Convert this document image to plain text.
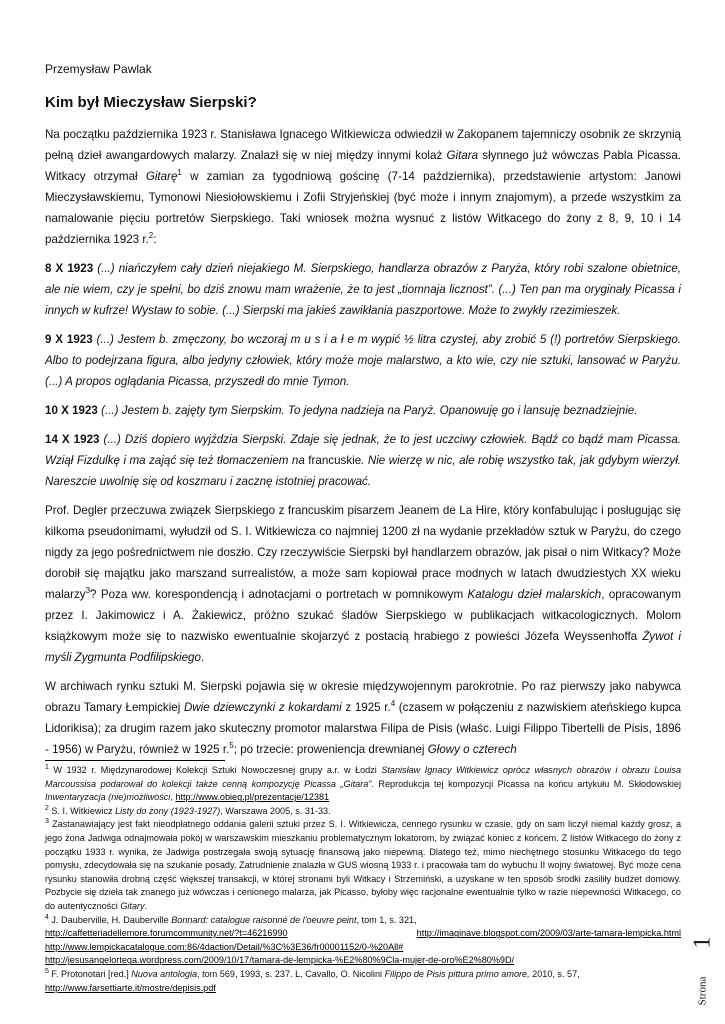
Przemysław Pawlak
Kim był Mieczysław Sierpski?

Na początku października 1923 r. Stanisława Ignacego Witkiewicza odwiedził w Zakopanem tajemniczy osobnik ze skrzynią pełną dzieł awangardowych malarzy. Znalazł się w niej między innymi kolaż Gitara słynnego już wówczas Pabla Picassa. Witkacy otrzymał Gitarę$^1$ w zamian za tygodniową gościnę (7-14 października), przedstawienie artystom: Janowi Mieczysławskiemu, Tymonowi Niesiołowskiemu i Zofii Stryjeńskiej (być może i innym znajomym), a przede wszystkim za namalowanie pięciu portretów Sierpskiego. Taki wniosek można wysnuć z listów Witkacego do żony z 8, 9, 10 i 14 października 1923 r.$^2$:

8 X 1923 (...) niańczyłem cały dzień niejakiego M. Sierpskiego, handlarza obrazów z Paryża, który robi szalone obietnice, ale nie wiem, czy je spełni, bo dziś znowu mam wrażenie, że to jest „tiomnaja licznost”. (...) Ten pan ma oryginały Picassa i innych w kufrze! Wystaw to sobie. (...) Sierpski ma jakieś zawikłania paszportowe. Może to zwykły rzezimieszek.

9 X 1923 (...) Jestem b. zmęczony, bo wczoraj m u s i a ł e m wypić ½ litra czystej, aby zrobić 5 (!) portretów Sierpskiego. Albo to podejrzana figura, albo jedyny człowiek, który może moje malarstwo, a kto wie, czy nie sztuki, lansować w Paryżu. (...) A propos oglądania Picassa, przyszedł do mnie Tymon.

10 X 1923 (...) Jestem b. zajęty tym Sierpskim. To jedyna nadzieja na Paryż. Opanowuję go i lansuję beznadziejnie.

14 X 1923 (...) Dziś dopiero wyjździa Sierpski. Zdaje się jednak, że to jest uczciwy człowiek. Bądź co bądź mam Picassa. Wziął Fizdulkę i ma zająć się też tłomaczeniem na francuskie. Nie wierzę w nic, ale robię wszystko tak, jak gdybym wierzył. Nareszcie uwolnię się od koszmaru i zacznę istotniej pracować.

Prof. Degler przeczuwa związek Sierpskiego z francuskim pisarzem Jeanem de La Hire, który konfabulując i posługując się kilkoma pseudonimami, wyłudził od S. I. Witkiewicza co najmniej 1200 zł na wydanie przekładów sztuk w Paryżu, do czego nigdy za jego pośrednictwem nie doszło. Czy rzeczywiście Sierpski był handlarzem obrazów, jak pisał o nim Witkacy? Może dorobił się majątku jako marszand surrealistów, a może sam kopiował prace modnych w latach dwudziestych XX wieku malarzy$^3$? Poza ww. korespondencją i adnotacjami o portretach w pomnikowym Katalogu dzieł malarskich, opracowanym przez I. Jakimowicz i A. Żakiewicz, próżno szukać śladów Sierpskiego w publikacjach witkacologicznych. Molom książkowym może się to nazwisko ewentualnie skojarzyć z postacią hrabiego z powieści Józefa Weyssenhoffa Żywot i myśli Zygmunta Podfilipskiego.

W archiwach rynku sztuki M. Sierpski pojawia się w okresie międzywojennym parokrotnie. Po raz pierwszy jako nabywca obrazu Tamary Łempickiej Dwie dziewczynki z kokardami z 1925 r.$^4$ (czasem w połączeniu z nazwiskiem ateńskiego kupca Lidorikisa); za drugim razem jako skuteczny promotor malarstwa Filipa de Pisis (właśc. Luigi Filippo Tibertelli de Pisis, 1896 - 1956) w Paryżu, również w 1925 r.$^5$; po trzecie: proweniencja drewnianej Głowy o czterech

$^1$ W 1932 r. Międzynarodowej Kolekcji Sztuki Nowoczesnej grupy a.r. w Łodzi Stanisław Ignacy Witkiewicz oprócz własnych obrazów i obrazu Louisa Marcoussisa podarował do kolekcji także cenną kompozycję Picassa „Gitara”. Reprodukcja tej kompozycji Picassa na końcu artykułu M. Skłodowskiej Inwentaryzacja (nie)możliwości, http://www.obieg.pl/prezentacje/12381

$^2$ S. I. Witkiewicz Listy do żony (1923-1927), Warszawa 2005, s. 31-33.

$^3$ Zastanawiający jest fakt nieodpłatnego oddania galerii sztuki przez S. I. Witkiewicza, cennego rysunku w czasie, gdy on sam liczył niemal każdy grosz, a jego żona Jadwiga odnajmowała pokój w warszawskim mieszkaniu problematycznym lokatorom, by związać koniec z końcem. Z listów Witkacego do żony z początku 1933 r. wynika, że Jadwiga postrzegała swoją sytuację finansową jako niepewną. Dlatego też, mimo niechętnego stosunku Witkacego do tego pomysłu, zdecydowała się na szukanie posady. Zatrudnienie znalazła w GUS wiosną 1933 r. i pracowała tam do wybuchu II wojny światowej. Być może cena rysunku stanowiła drobną część większej transakcji, w której stronami byli Witkacy i Strzemiński, a uzyskane w ten sposób środki zasiliły budżet domowy. Pozbycie się dzieła tak znanego już wówczas i cenionego malarza, jak Picasso, byłoby więc racjonalne ewentualnie tylko w razie niepewności Witkacego, co do autentyczności Gitary.

$^4$ J. Dauberville, H. Dauberville Bonnard: catalogue raisonné de l'oeuvre peint, tom 1, s. 321,

http://caffetteriadellemore.forumcommunity.net/?t=46216990	http://imaginave.blogspot.com/2009/03/arte-tamara-lempicka.html

http://www.lempickacatalogue.com:86/4daction/Detail/%3C%3E36/fr00001152/0-%20All#

http://jesusangelortega.wordpress.com/2009/10/17/tamara-de-lempicka-%E2%80%9Cla-mujer-de-oro%E2%80%9D/

$^5$ F. Protonotari [red.] Nuova antologia, tom 569, 1993, s. 237. L. Cavallo, O. Nicolini Filippo de Pisis pittura primo amore, 2010, s. 57,
http://www.farsettiarte.it/mostre/depisis.pdf

1
Strona
